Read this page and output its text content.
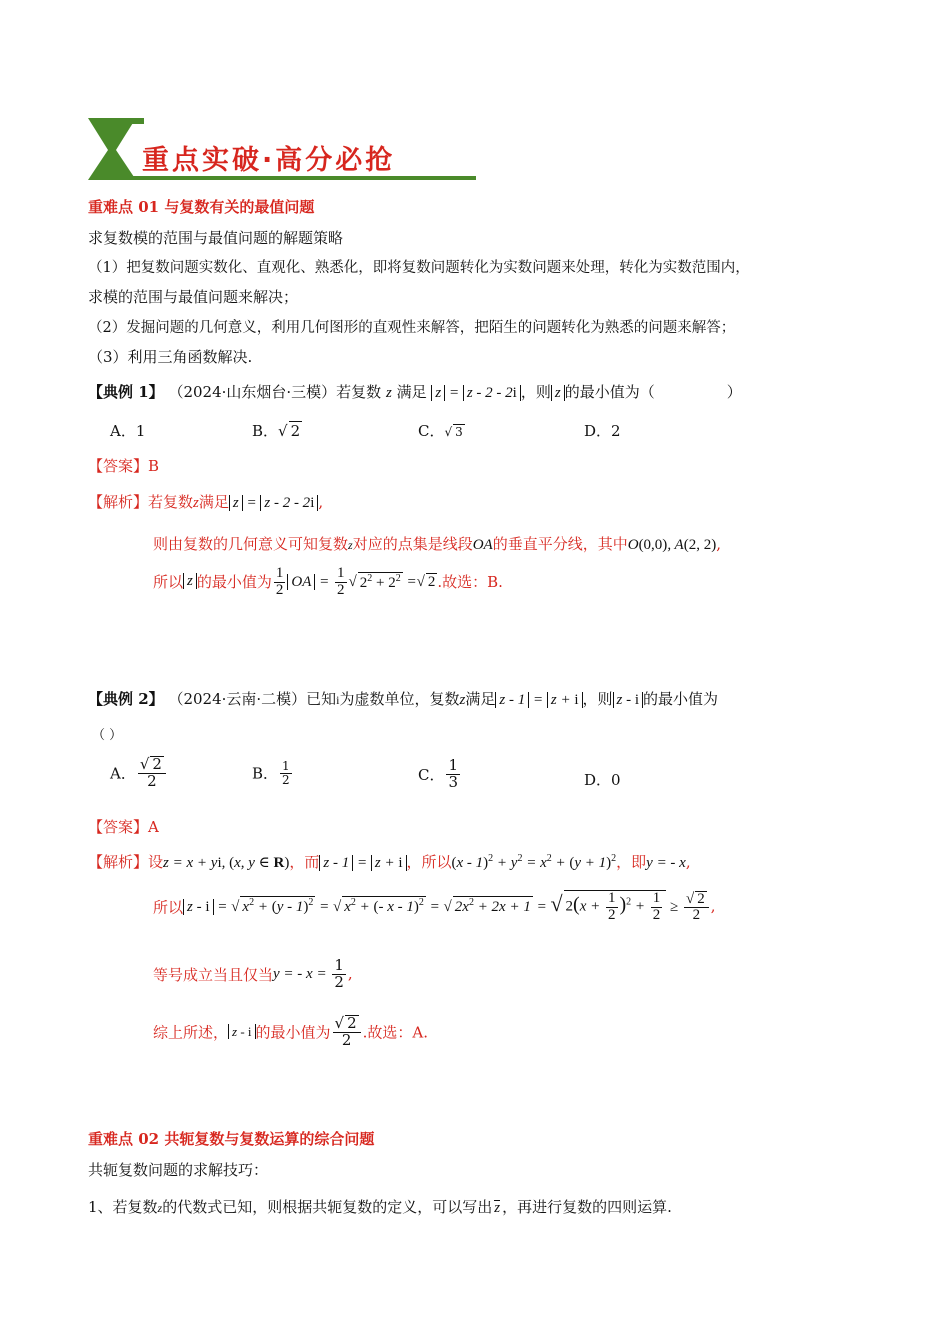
重点实破·高分必抢
重难点 01 与复数有关的最值问题
求复数模的范围与最值问题的解题策略
（1）把复数问题实数化、直观化、熟悉化，即将复数问题转化为实数问题来处理，转化为实数范围内，
求模的范围与最值问题来解决；
（2）发掘问题的几何意义，利用几何图形的直观性来解答，把陌生的问题转化为熟悉的问题来解答；
（3）利用三角函数解决.
【典例 1】 （2024·山东烟台·三模）若复数 z 满足 z = z - 2 - 2i ，则 z 的最小值为（	）
A．1	B．√ 2	C．√ 3	D．2
【答案】B
【解析】若复数z满足 z = z - 2 - 2i ,
则由复数的几何意义可知复数z对应的点集是线段OA的垂直平分线，其中O(0,0), A(2, 2),
所以 z 的最小值为 $\frac{1}{2}$ OA = $\frac{1}{2}$ √ $2^2 + 2^2$ =√ 2 .故选：B.
【典例 2】 （2024·云南·二模）已知i为虚数单位，复数z满足 z - 1 = z + i ，则 z - i 的最小值为
（ ）
A． $\frac{√ 2}{2}$	B． $\frac{1}{2}$	C． $\frac{1}{3}$	D．0
【答案】A
【解析】设z = x + yi, (x, y ∈ R)，而 z - 1 = z + i ，所以$(x - 1)^2 + y^2 = x^2 + (y + 1)^2$，即y = - x,
所以 z - i = √ $x^2 + (y - 1)^2$ = √ $x^2$ + (- x - 1)$^2$ = √ $2x^2 + 2x + 1$ = √ $2(x + \frac{1}{2} )^2 + \frac{1}{2} \ge \frac{√ 2}{2}$ ,
等号成立当且仅当y = - $x = \frac{1}{2}$ ,
综上所述， z - i 的最小值为 $\frac{√ 2}{2}$ .故选：A.
重难点 02 共轭复数与复数运算的综合问题
共轭复数问题的求解技巧：
1、若复数z的代数式已知，则根据共轭复数的定义，可以写出 z ，再进行复数的四则运算.
